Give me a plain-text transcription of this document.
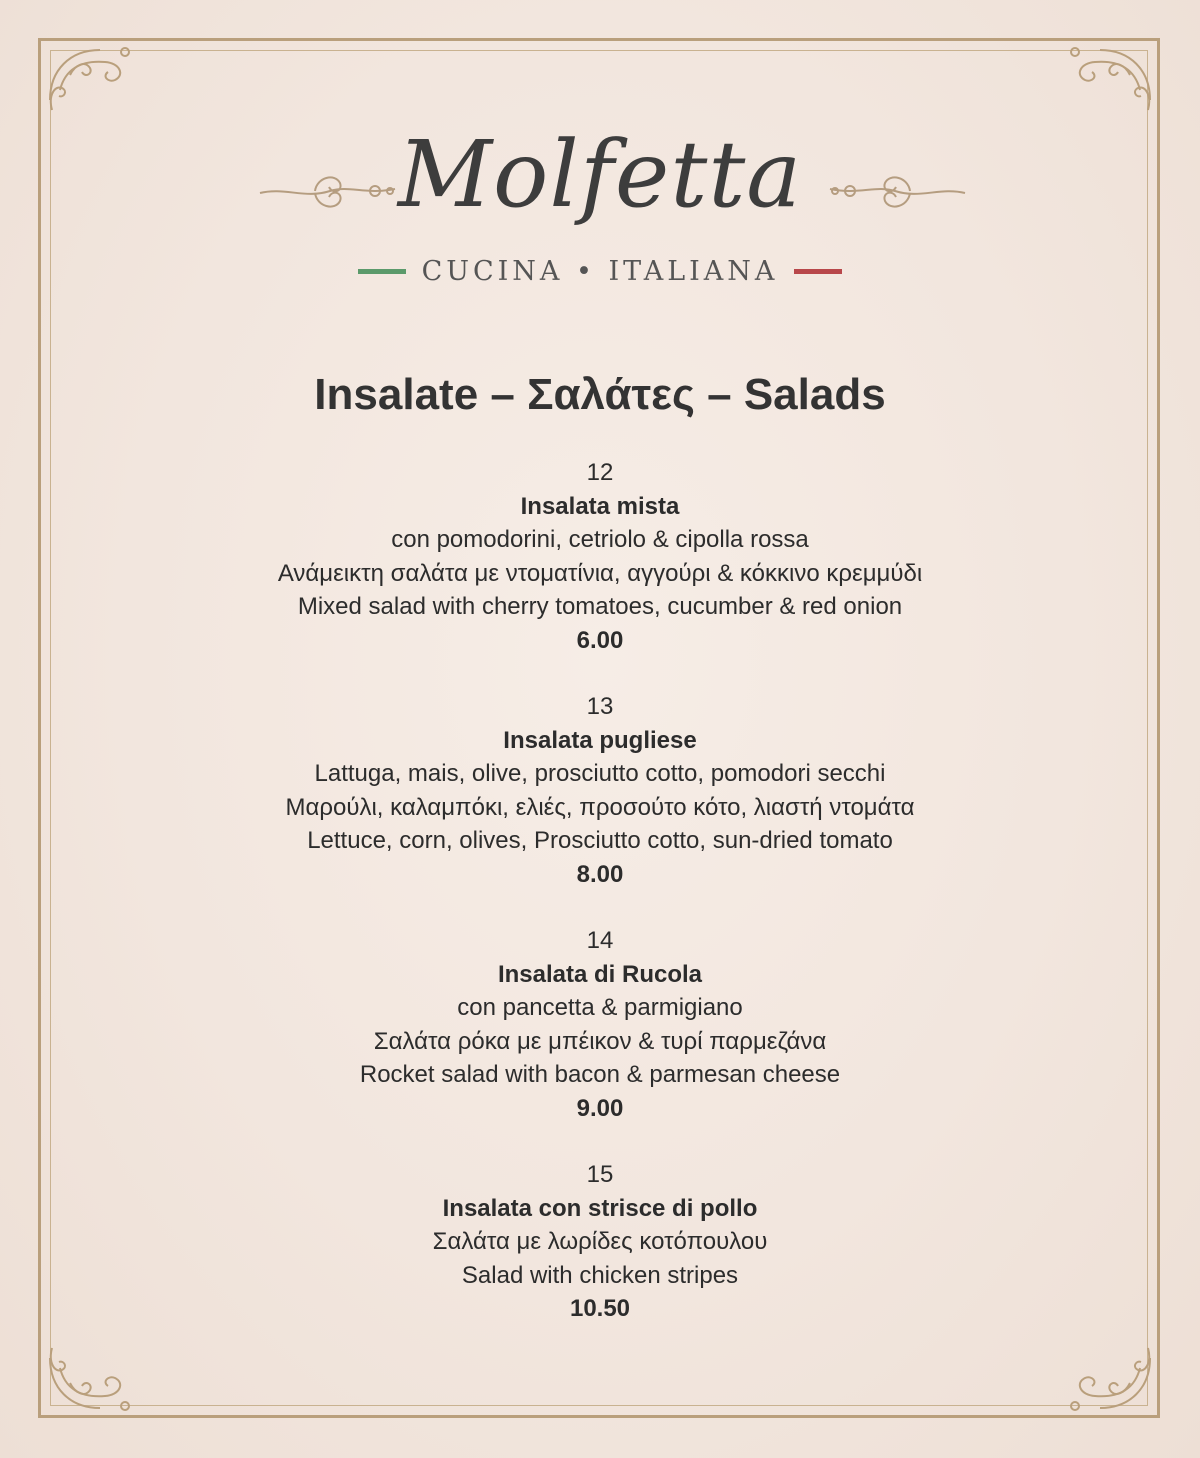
Molfetta
CUCINA • ITALIANA
Insalate – Σαλάτες – Salads
12
Insalata mista
con pomodorini, cetriolo & cipolla rossa
Ανάμεικτη σαλάτα με ντοματίνια, αγγούρι & κόκκινο κρεμμύδι
Mixed salad with cherry tomatoes, cucumber & red onion
6.00
13
Insalata pugliese
Lattuga, mais, olive, prosciutto cotto, pomodori secchi
Μαρούλι, καλαμπόκι, ελιές, προσούτο κότο, λιαστή ντομάτα
Lettuce, corn, olives, Prosciutto cotto, sun-dried tomato
8.00
14
Insalata di Rucola
con pancetta & parmigiano
Σαλάτα ρόκα με μπέικον & τυρί παρμεζάνα
Rocket salad with bacon & parmesan cheese
9.00
15
Insalata con strisce di pollo
Σαλάτα με λωρίδες κοτόπουλου
Salad with chicken stripes
10.50
